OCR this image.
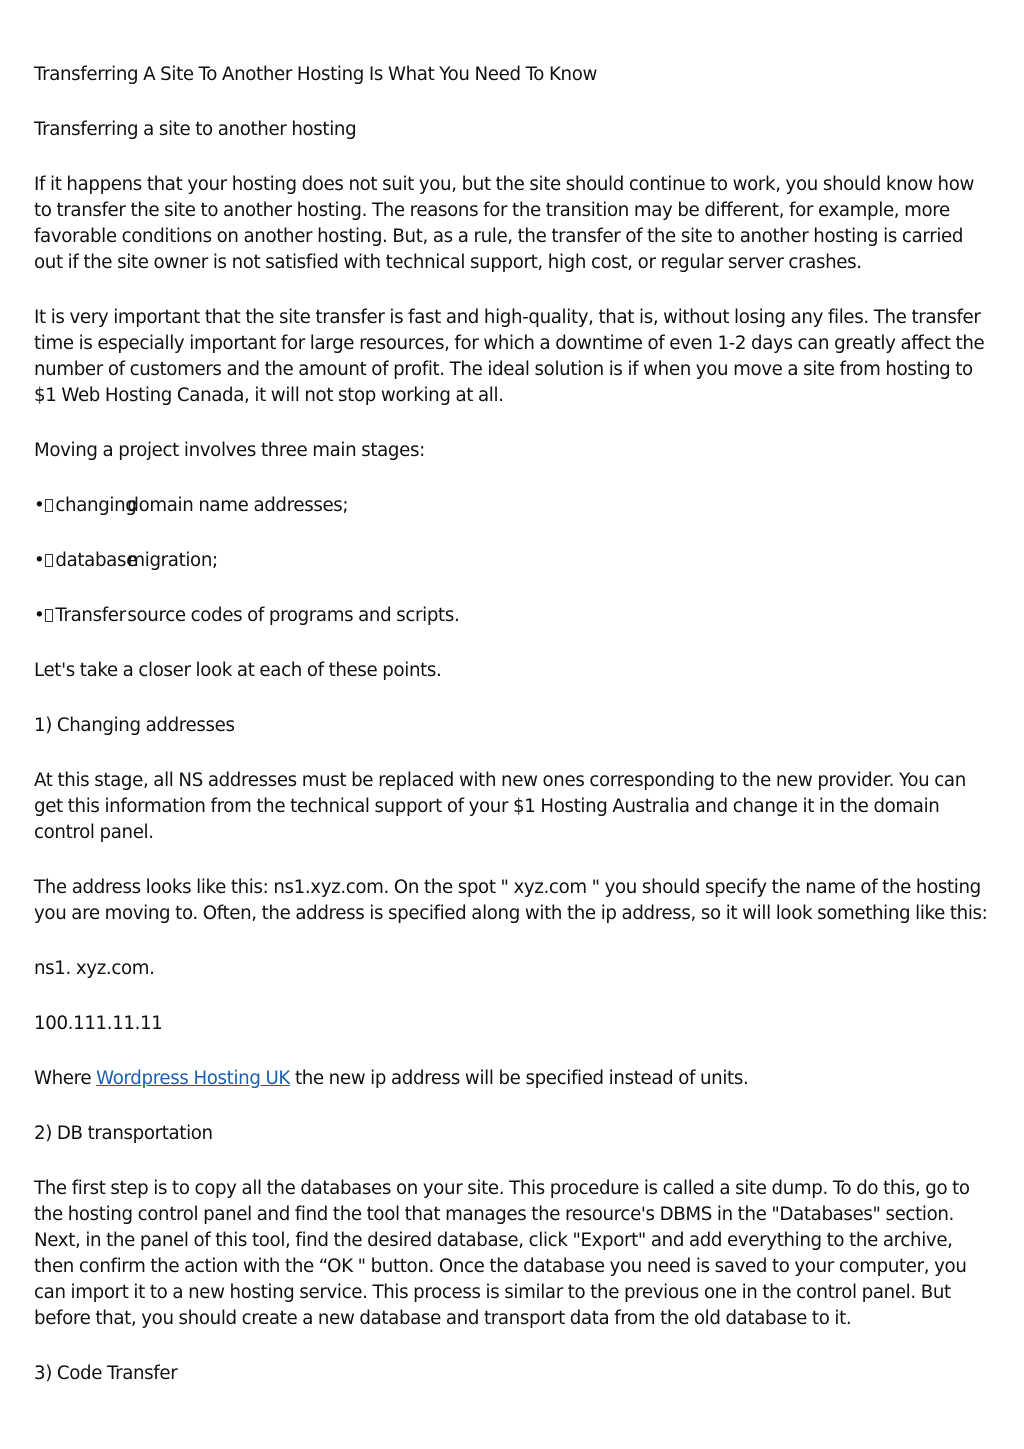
Transferring A Site To Another Hosting Is What You Need To Know

Transferring a site to another hosting

If it happens that your hosting does not suit you, but the site should continue to work, you should know how to transfer the site to another hosting. The reasons for the transition may be different, for example, more favorable conditions on another hosting. But, as a rule, the transfer of the site to another hosting is carried out if the site owner is not satisfied with technical support, high cost, or regular server crashes.

It is very important that the site transfer is fast and high-quality, that is, without losing any files. The transfer time is especially important for large resources, for which a downtime of even 1-2 days can greatly affect the number of customers and the amount of profit. The ideal solution is if when you move a site from hosting to $1 Web Hosting Canada, it will not stop working at all.

Moving a project involves three main stages:

• changing
domain name addresses;

• database
migration;

• Transfer source codes of programs and scripts.

Let's take a closer look at each of these points.

1) Changing addresses

At this stage, all NS addresses must be replaced with new ones corresponding to the new provider. You can get this information from the technical support of your $1 Hosting Australia and change it in the domain control panel.

The address looks like this: ns1.xyz.com. On the spot " xyz.com " you should specify the name of the hosting you are moving to. Often, the address is specified along with the ip address, so it will look something like this:

ns1. xyz.com.

100.111.11.11

Where Wordpress Hosting UK the new ip address will be specified instead of units.

2) DB transportation

The first step is to copy all the databases on your site. This procedure is called a site dump. To do this, go to the hosting control panel and find the tool that manages the resource's DBMS in the "Databases" section. Next, in the panel of this tool, find the desired database, click "Export" and add everything to the archive, then confirm the action with the “OK " button. Once the database you need is saved to your computer, you can import it to a new hosting service. This process is similar to the previous one in the control panel. But before that, you should create a new database and transport data from the old database to it.

3) Code Transfer
